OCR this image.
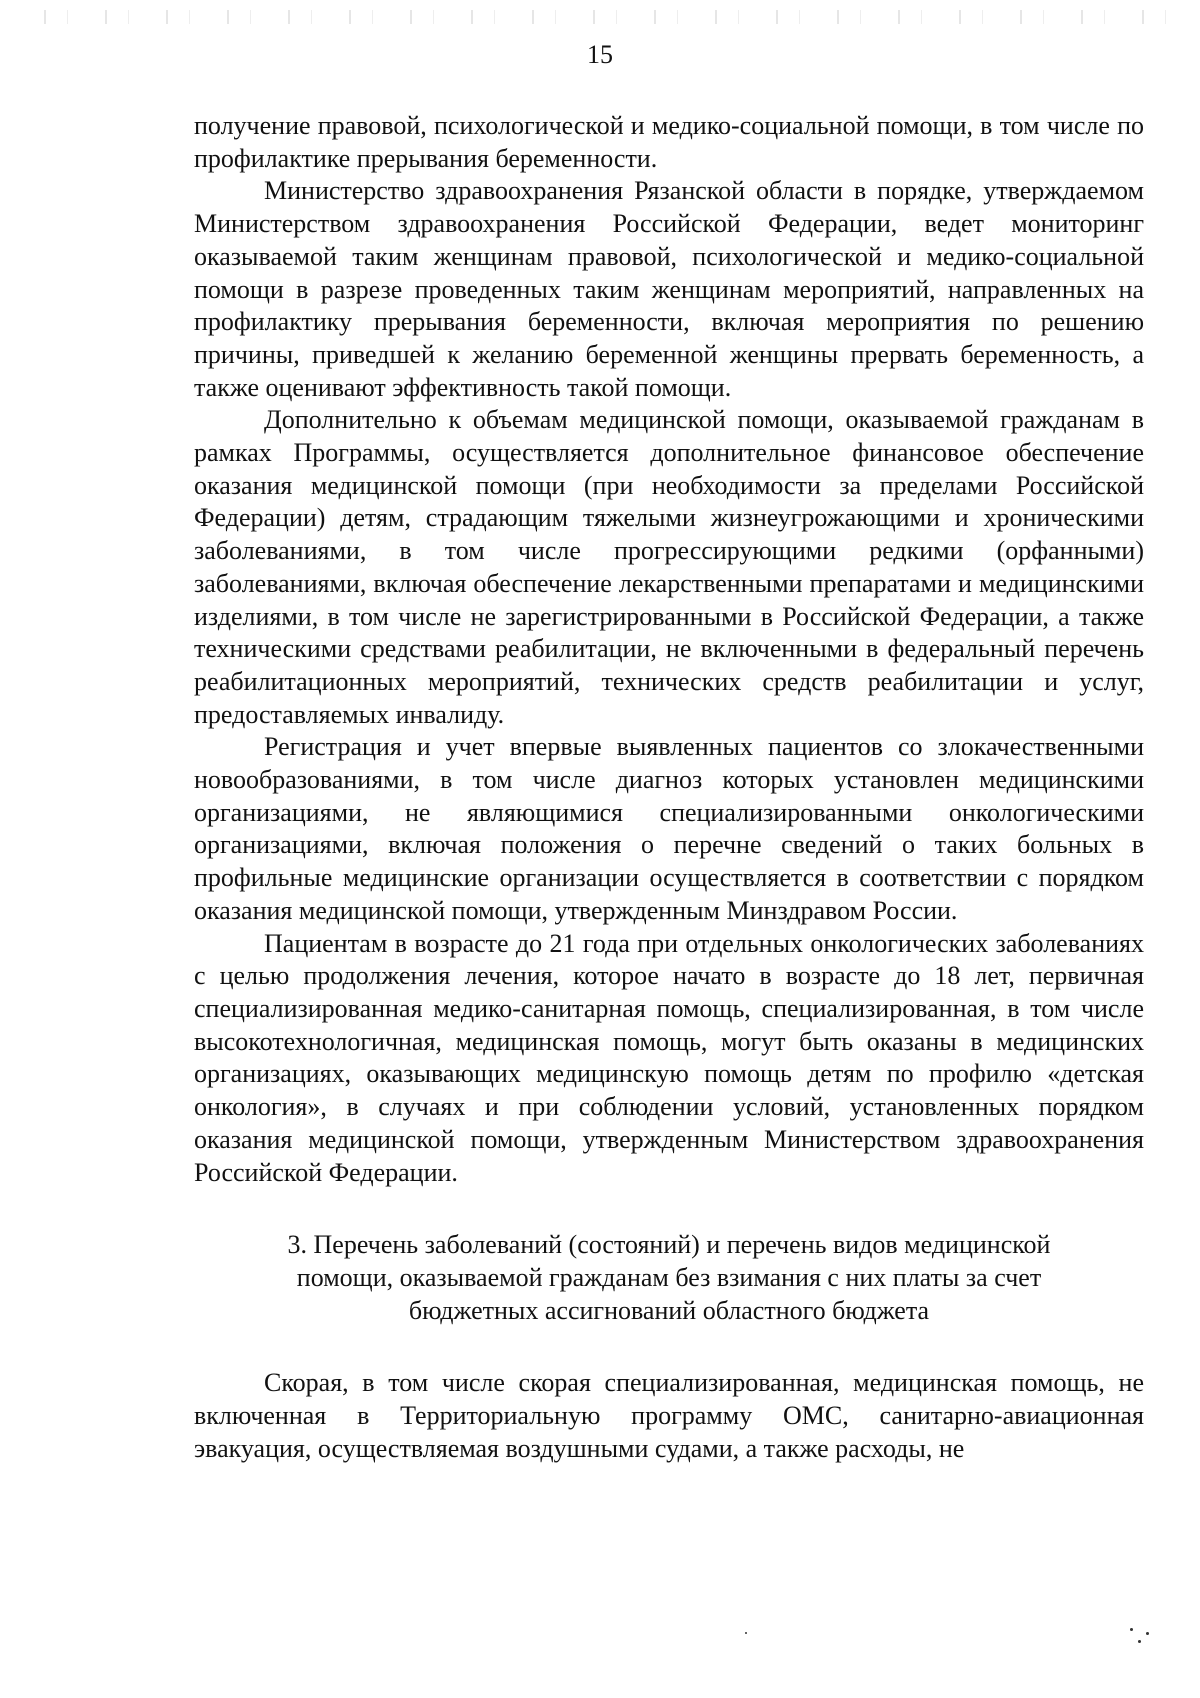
15

получение правовой, психологической и медико-социальной помощи, в том числе по профилактике прерывания беременности.

Министерство здравоохранения Рязанской области в порядке, утверждаемом Министерством здравоохранения Российской Федерации, ведет мониторинг оказываемой таким женщинам правовой, психологической и медико-социальной помощи в разрезе проведенных таким женщинам мероприятий, направленных на профилактику прерывания беременности, включая мероприятия по решению причины, приведшей к желанию беременной женщины прервать беременность, а также оценивают эффективность такой помощи.

Дополнительно к объемам медицинской помощи, оказываемой гражданам в рамках Программы, осуществляется дополнительное финансовое обеспечение оказания медицинской помощи (при необходимости за пределами Российской Федерации) детям, страдающим тяжелыми жизнеугрожающими и хроническими заболеваниями, в том числе прогрессирующими редкими (орфанными) заболеваниями, включая обеспечение лекарственными препаратами и медицинскими изделиями, в том числе не зарегистрированными в Российской Федерации, а также техническими средствами реабилитации, не включенными в федеральный перечень реабилитационных мероприятий, технических средств реабилитации и услуг, предоставляемых инвалиду.

Регистрация и учет впервые выявленных пациентов со злокачественными новообразованиями, в том числе диагноз которых установлен медицинскими организациями, не являющимися специализированными онкологическими организациями, включая положения о перечне сведений о таких больных в профильные медицинские организации осуществляется в соответствии с порядком оказания медицинской помощи, утвержденным Минздравом России.

Пациентам в возрасте до 21 года при отдельных онкологических заболеваниях с целью продолжения лечения, которое начато в возрасте до 18 лет, первичная специализированная медико-санитарная помощь, специализированная, в том числе высокотехнологичная, медицинская помощь, могут быть оказаны в медицинских организациях, оказывающих медицинскую помощь детям по профилю «детская онкология», в случаях и при соблюдении условий, установленных порядком оказания медицинской помощи, утвержденным Министерством здравоохранения Российской Федерации.

3. Перечень заболеваний (состояний) и перечень видов медицинской
помощи, оказываемой гражданам без взимания с них платы за счет
бюджетных ассигнований областного бюджета

Скорая, в том числе скорая специализированная, медицинская помощь, не включенная в Территориальную программу ОМС, санитарно-авиационная эвакуация, осуществляемая воздушными судами, а также расходы, не
